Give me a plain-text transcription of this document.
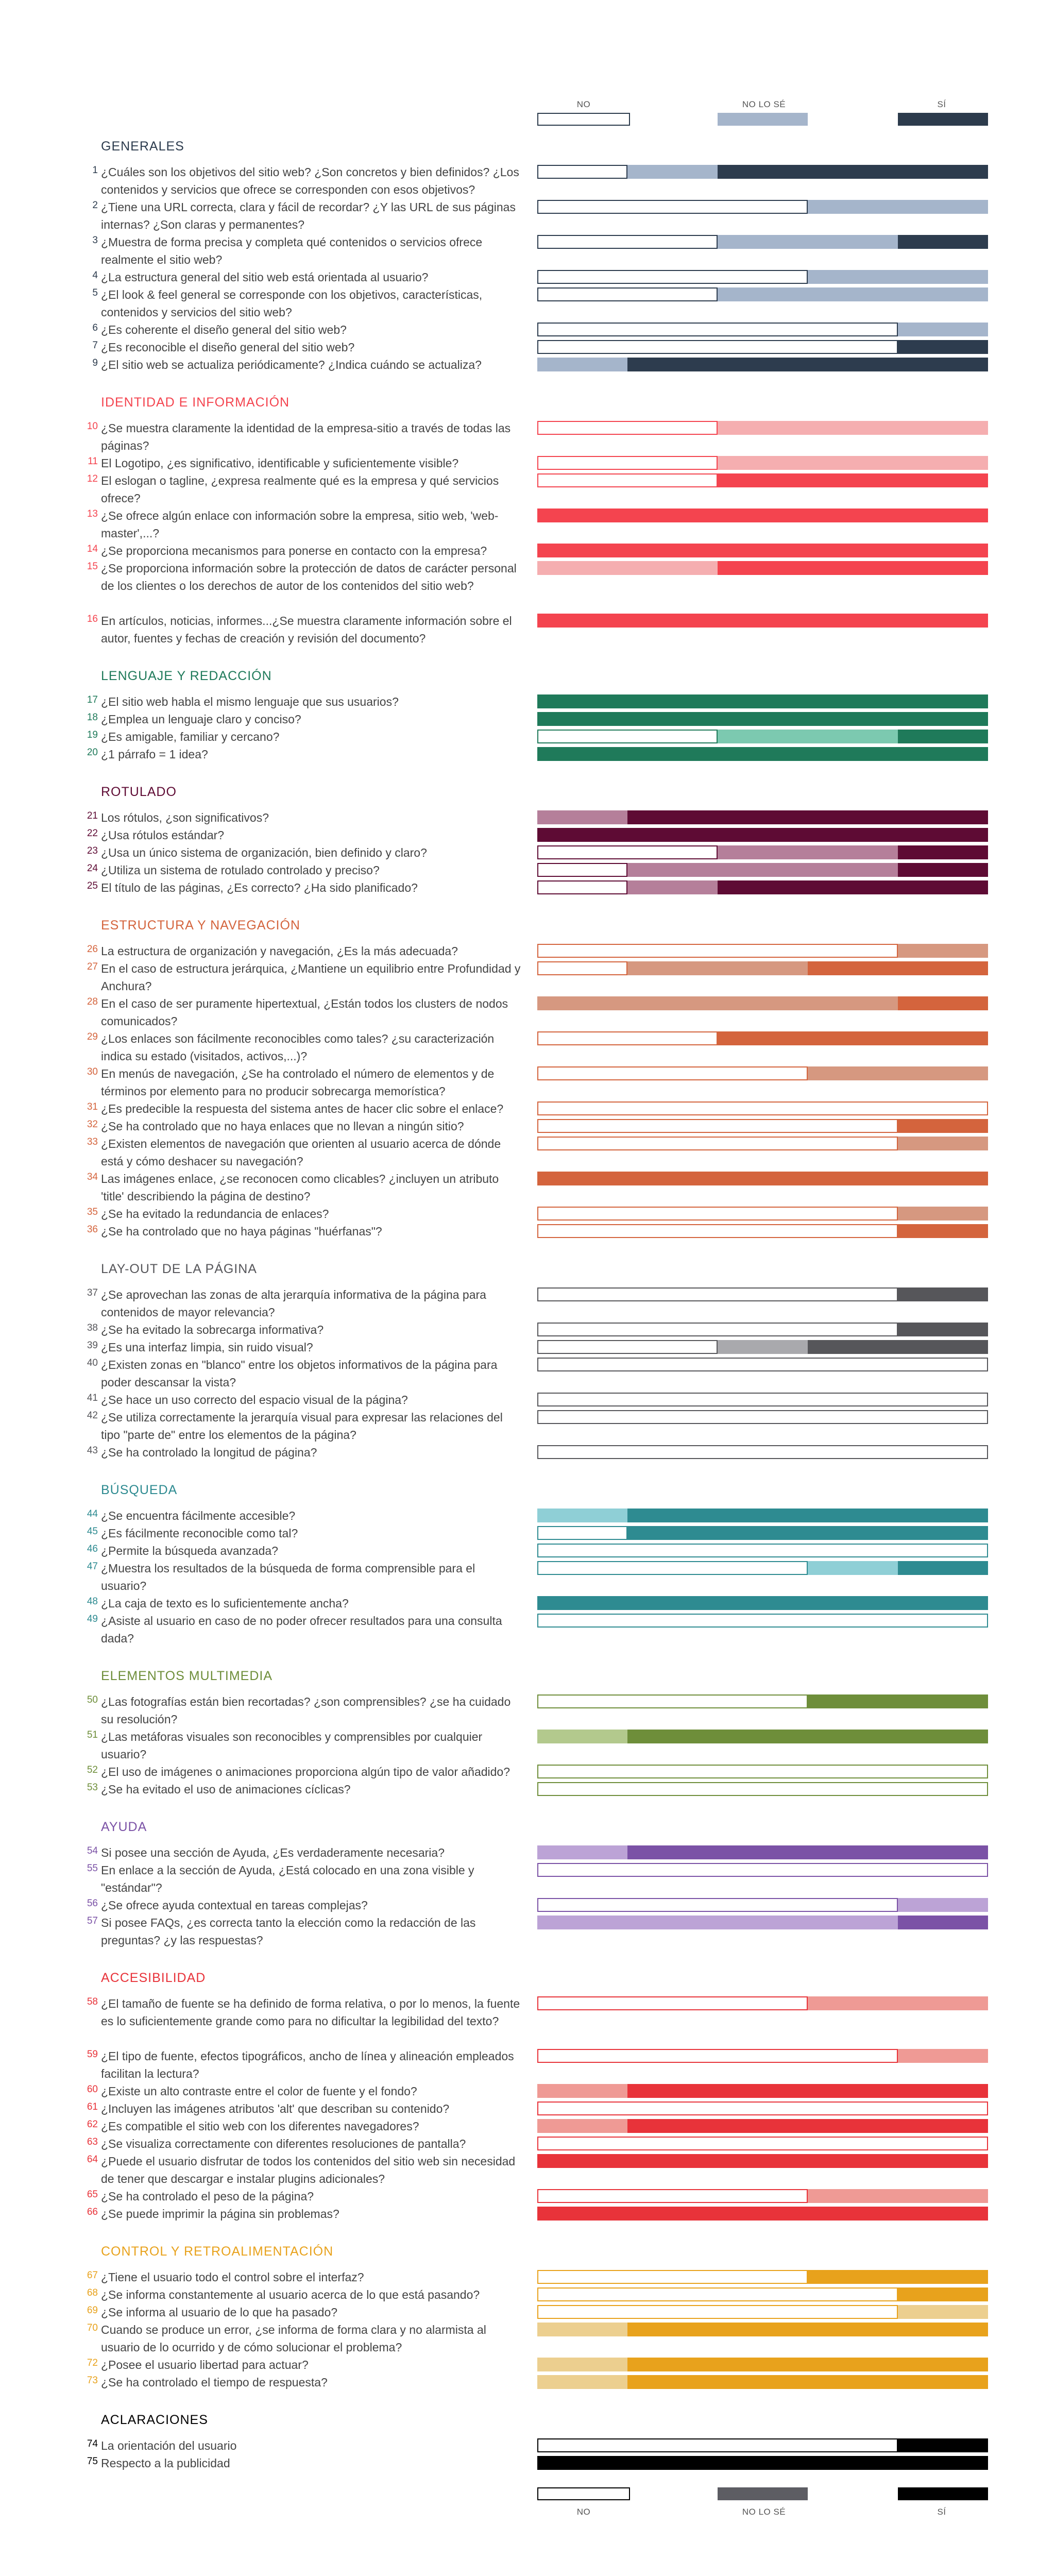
NO	NO LO SÉ	SÍ
GENERALES
1 ¿Cuáles son los objetivos del sitio web? ¿Son concretos y bien definidos? ¿Los contenidos y servicios que ofrece se corresponden con esos objetivos?
2 ¿Tiene una URL correcta, clara y fácil de recordar? ¿Y las URL de sus páginas internas? ¿Son claras y permanentes?
3 ¿Muestra de forma precisa y completa qué contenidos o servicios ofrece realmente el sitio web?
4 ¿La estructura general del sitio web está orientada al usuario?
5 ¿El look & feel general se corresponde con los objetivos, características, contenidos y servicios del sitio web?
6 ¿Es coherente el diseño general del sitio web?
7 ¿Es reconocible el diseño general del sitio web?
9 ¿El sitio web se actualiza periódicamente? ¿Indica cuándo se actualiza?
IDENTIDAD E INFORMACIÓN
10 ¿Se muestra claramente la identidad de la empresa-sitio a través de todas las páginas?
11 El Logotipo, ¿es significativo, identificable y suficientemente visible?
12 El eslogan o tagline, ¿expresa realmente qué es la empresa y qué servicios ofrece?
13 ¿Se ofrece algún enlace con información sobre la empresa, sitio web, 'web-master',...?
14 ¿Se proporciona mecanismos para ponerse en contacto con la empresa?
15 ¿Se proporciona información sobre la protección de datos de carácter personal de los clientes o los derechos de autor de los contenidos del sitio web?
16 En artículos, noticias, informes...¿Se muestra claramente información sobre el autor, fuentes y fechas de creación y revisión del documento?
LENGUAJE Y REDACCIÓN
17 ¿El sitio web habla el mismo lenguaje que sus usuarios?
18 ¿Emplea un lenguaje claro y conciso?
19 ¿Es amigable, familiar y cercano?
20 ¿1 párrafo = 1 idea?
ROTULADO
21 Los rótulos, ¿son significativos?
22 ¿Usa rótulos estándar?
23 ¿Usa un único sistema de organización, bien definido y claro?
24 ¿Utiliza un sistema de rotulado controlado y preciso?
25 El título de las páginas, ¿Es correcto? ¿Ha sido planificado?
ESTRUCTURA Y NAVEGACIÓN
26 La estructura de organización y navegación, ¿Es la más adecuada?
27 En el caso de estructura jerárquica, ¿Mantiene un equilibrio entre Profundidad y Anchura?
28 En el caso de ser puramente hipertextual, ¿Están todos los clusters de nodos comunicados?
29 ¿Los enlaces son fácilmente reconocibles como tales? ¿su caracterización indica su estado (visitados, activos,...)?
30 En menús de navegación, ¿Se ha controlado el número de elementos y de términos por elemento para no producir sobrecarga memorística?
31 ¿Es predecible la respuesta del sistema antes de hacer clic sobre el enlace?
32 ¿Se ha controlado que no haya enlaces que no llevan a ningún sitio?
33 ¿Existen elementos de navegación que orienten al usuario acerca de dónde está y cómo deshacer su navegación?
34 Las imágenes enlace, ¿se reconocen como clicables? ¿incluyen un atributo 'title' describiendo la página de destino?
35 ¿Se ha evitado la redundancia de enlaces?
36 ¿Se ha controlado que no haya páginas "huérfanas"?
LAY-OUT DE LA PÁGINA
37 ¿Se aprovechan las zonas de alta jerarquía informativa de la página para contenidos de mayor relevancia?
38 ¿Se ha evitado la sobrecarga informativa?
39 ¿Es una interfaz limpia, sin ruido visual?
40 ¿Existen zonas en "blanco" entre los objetos informativos de la página para poder descansar la vista?
41 ¿Se hace un uso correcto del espacio visual de la página?
42 ¿Se utiliza correctamente la jerarquía visual para expresar las relaciones del tipo "parte de" entre los elementos de la página?
43 ¿Se ha controlado la longitud de página?
BÚSQUEDA
44 ¿Se encuentra fácilmente accesible?
45 ¿Es fácilmente reconocible como tal?
46 ¿Permite la búsqueda avanzada?
47 ¿Muestra los resultados de la búsqueda de forma comprensible para el usuario?
48 ¿La caja de texto es lo suficientemente ancha?
49 ¿Asiste al usuario en caso de no poder ofrecer resultados para una consulta dada?
ELEMENTOS MULTIMEDIA
50 ¿Las fotografías están bien recortadas? ¿son comprensibles? ¿se ha cuidado su resolución?
51 ¿Las metáforas visuales son reconocibles y comprensibles por cualquier usuario?
52 ¿El uso de imágenes o animaciones proporciona algún tipo de valor añadido?
53 ¿Se ha evitado el uso de animaciones cíclicas?
AYUDA
54 Si posee una sección de Ayuda, ¿Es verdaderamente necesaria?
55 En enlace a la sección de Ayuda, ¿Está colocado en una zona visible y "estándar"?
56 ¿Se ofrece ayuda contextual en tareas complejas?
57 Si posee FAQs, ¿es correcta tanto la elección como la redacción de las preguntas? ¿y las respuestas?
ACCESIBILIDAD
58 ¿El tamaño de fuente se ha definido de forma relativa, o por lo menos, la fuente es lo suficientemente grande como para no dificultar la legibilidad del texto?
59 ¿El tipo de fuente, efectos tipográficos, ancho de línea y alineación empleados facilitan la lectura?
60 ¿Existe un alto contraste entre el color de fuente y el fondo?
61 ¿Incluyen las imágenes atributos 'alt' que describan su contenido?
62 ¿Es compatible el sitio web con los diferentes navegadores?
63 ¿Se visualiza correctamente con diferentes resoluciones de pantalla?
64 ¿Puede el usuario disfrutar de todos los contenidos del sitio web sin necesidad de tener que descargar e instalar plugins adicionales?
65 ¿Se ha controlado el peso de la página?
66 ¿Se puede imprimir la página sin problemas?
CONTROL Y RETROALIMENTACIÓN
67 ¿Tiene el usuario todo el control sobre el interfaz?
68 ¿Se informa constantemente al usuario acerca de lo que está pasando?
69 ¿Se informa al usuario de lo que ha pasado?
70 Cuando se produce un error, ¿se informa de forma clara y no alarmista al usuario de lo ocurrido y de cómo solucionar el problema?
72 ¿Posee el usuario libertad para actuar?
73 ¿Se ha controlado el tiempo de respuesta?
ACLARACIONES
74 La orientación del usuario
75 Respecto a la publicidad
NO	NO LO SÉ	SÍ
